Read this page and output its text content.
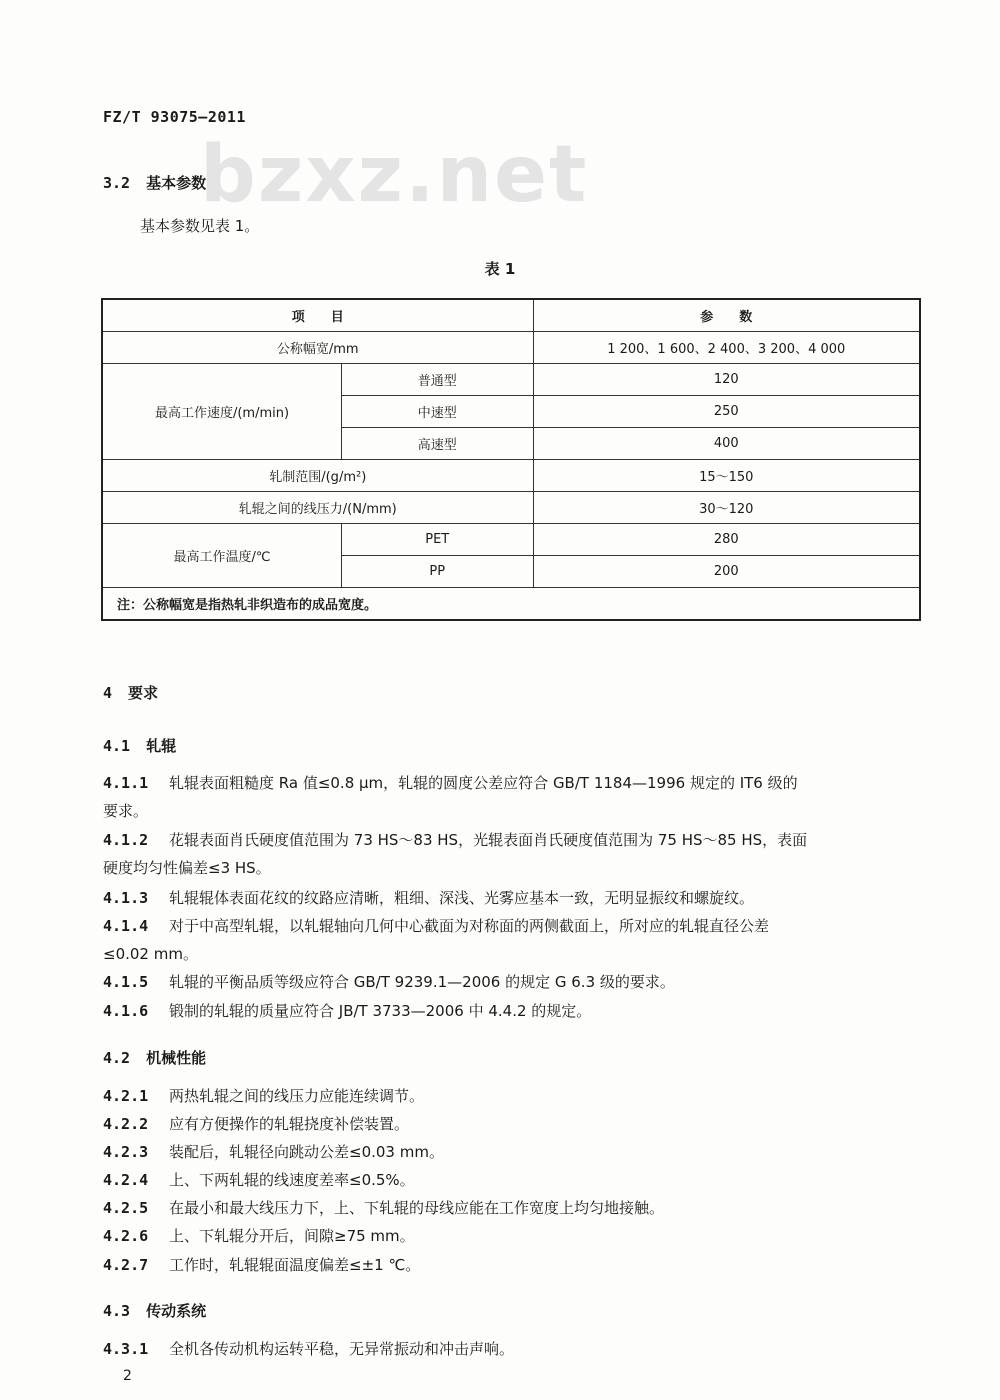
bzxz.net
FZ/T 93075—2011
3.2 基本参数
基本参数见表 1。
表 1
项　　目		参　　数
公称幅宽/mm		1 200、1 600、2 400、3 200、4 000
最高工作速度/(m/min)	普通型	120
	中速型	250
	高速型	400
轧制范围/(g/m²)		15～150
轧辊之间的线压力/(N/mm)		30～120
最高工作温度/℃	PET	280
	PP	200
注：公称幅宽是指热轧非织造布的成品宽度。		
4 要求
4.1 轧辊
4.1.1 轧辊表面粗糙度 Ra 值≤0.8 μm，轧辊的圆度公差应符合 GB/T 1184—1996 规定的 IT6 级的
要求。
4.1.2 花辊表面肖氏硬度值范围为 73 HS～83 HS，光辊表面肖氏硬度值范围为 75 HS～85 HS，表面
硬度均匀性偏差≤3 HS。
4.1.3 轧辊辊体表面花纹的纹路应清晰，粗细、深浅、光雾应基本一致，无明显振纹和螺旋纹。
4.1.4 对于中高型轧辊，以轧辊轴向几何中心截面为对称面的两侧截面上，所对应的轧辊直径公差
≤0.02 mm。
4.1.5 轧辊的平衡品质等级应符合 GB/T 9239.1—2006 的规定 G 6.3 级的要求。
4.1.6 锻制的轧辊的质量应符合 JB/T 3733—2006 中 4.4.2 的规定。
4.2 机械性能
4.2.1 两热轧辊之间的线压力应能连续调节。
4.2.2 应有方便操作的轧辊挠度补偿装置。
4.2.3 装配后，轧辊径向跳动公差≤0.03 mm。
4.2.4 上、下两轧辊的线速度差率≤0.5%。
4.2.5 在最小和最大线压力下，上、下轧辊的母线应能在工作宽度上均匀地接触。
4.2.6 上、下轧辊分开后，间隙≥75 mm。
4.2.7 工作时，轧辊辊面温度偏差≤±1 ℃。
4.3 传动系统
4.3.1 全机各传动机构运转平稳，无异常振动和冲击声响。
2
